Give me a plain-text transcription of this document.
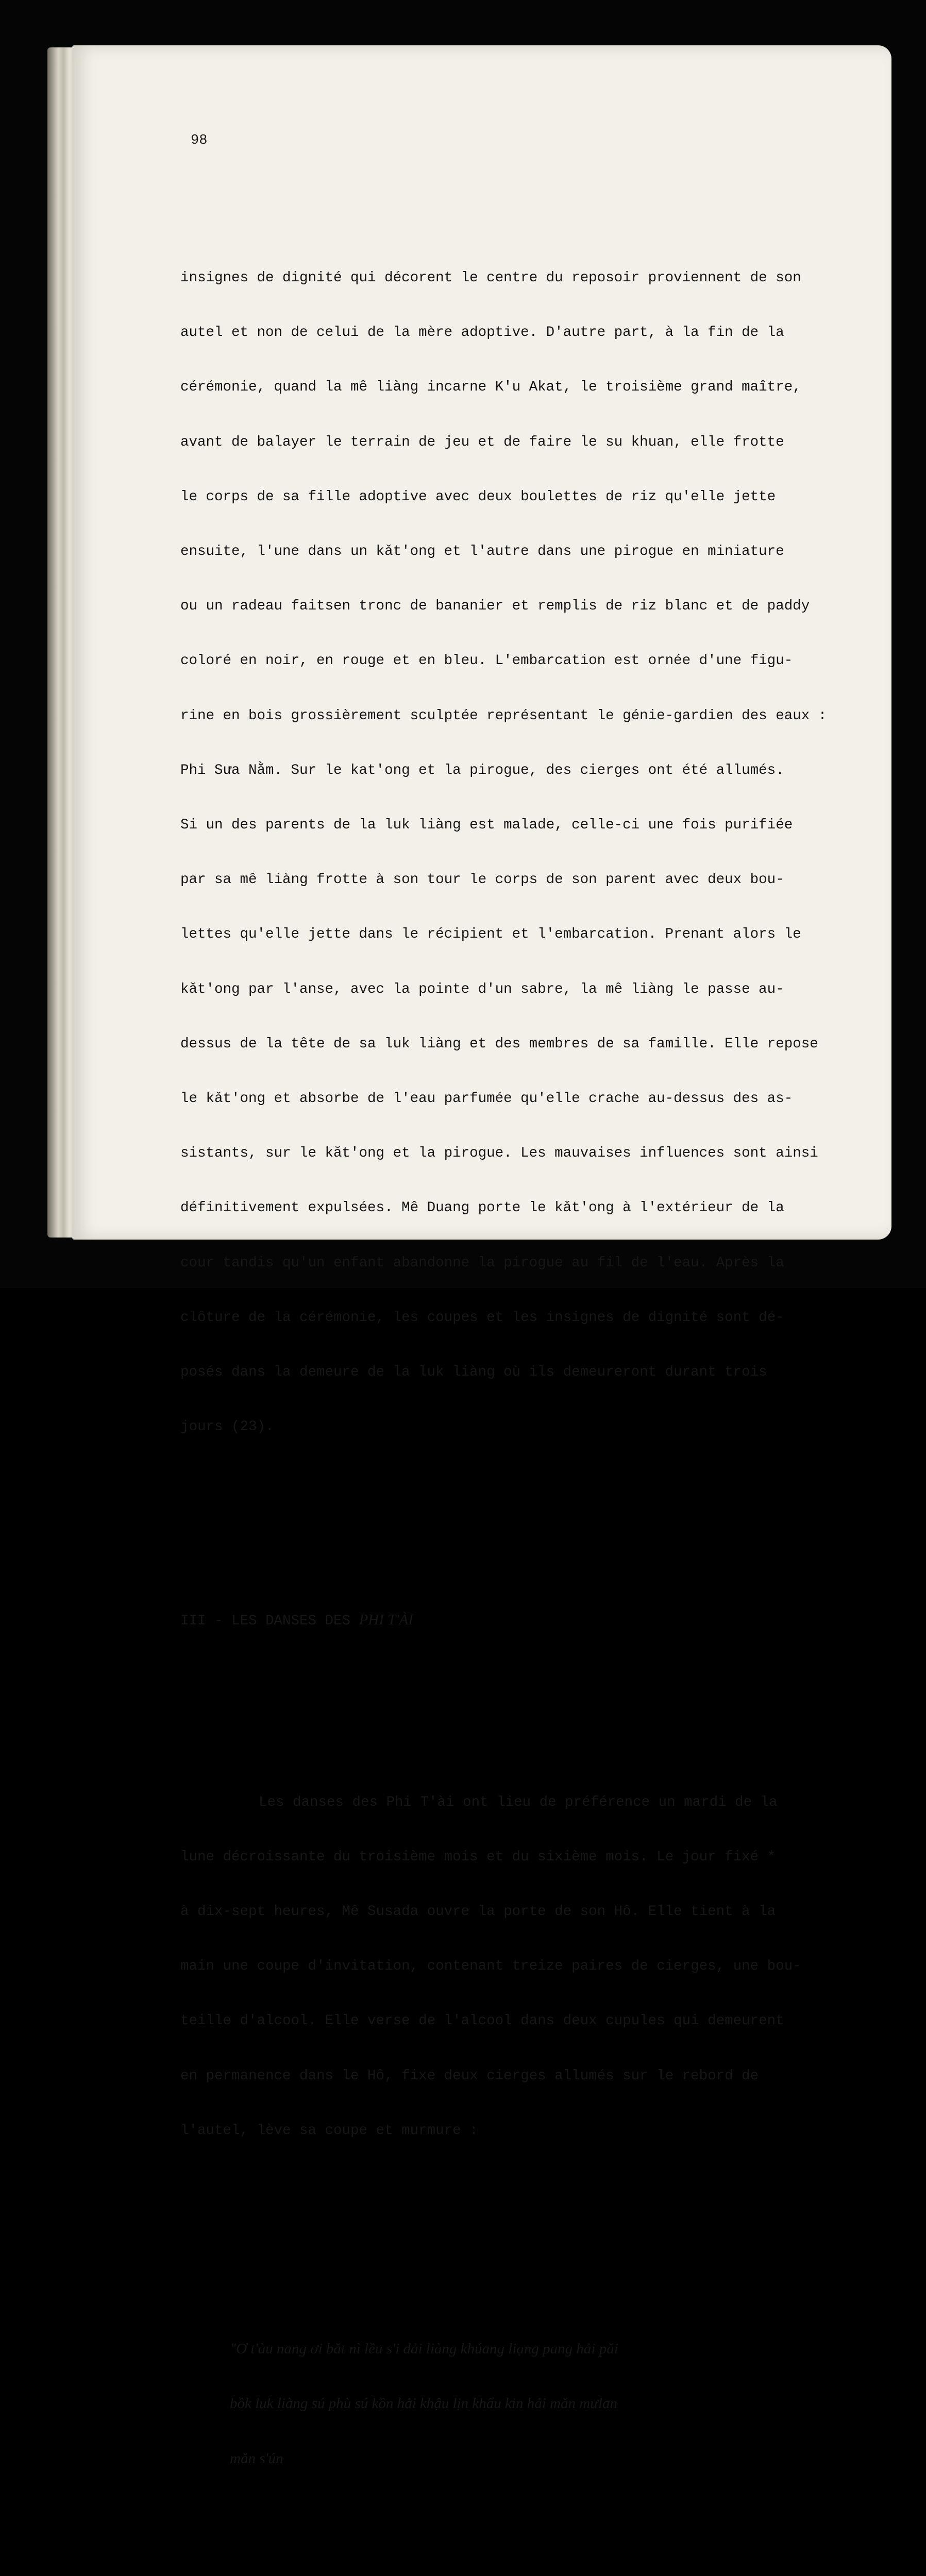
98

insignes de dignité qui décorent le centre du reposoir proviennent de son

autel et non de celui de la mère adoptive. D'autre part, à la fin de la

cérémonie, quand la mê liàng incarne K'u Akat, le troisième grand maître,

avant de balayer le terrain de jeu et de faire le su khuan, elle frotte

le corps de sa fille adoptive avec deux boulettes de riz qu'elle jette

ensuite, l'une dans un kǎt'ong et l'autre dans une pirogue en miniature

ou un radeau faitsen tronc de bananier et remplis de riz blanc et de paddy

coloré en noir, en rouge et en bleu. L'embarcation est ornée d'une figu-

rine en bois grossièrement sculptée représentant le génie-gardien des eaux :

Phi Sưa Nằm. Sur le kat'ong et la pirogue, des cierges ont été allumés.

Si un des parents de la luk liàng est malade, celle-ci une fois purifiée

par sa mê liàng frotte à son tour le corps de son parent avec deux bou-

lettes qu'elle jette dans le récipient et l'embarcation. Prenant alors le

kǎt'ong par l'anse, avec la pointe d'un sabre, la mê liàng le passe au-

dessus de la tête de sa luk liàng et des membres de sa famille. Elle repose

le kǎt'ong et absorbe de l'eau parfumée qu'elle crache au-dessus des as-

sistants, sur le kǎt'ong et la pirogue. Les mauvaises influences sont ainsi

définitivement expulsées. Mê Duang porte le kǎt'ong à l'extérieur de la

cour tandis qu'un enfant abandonne la pirogue au fil de l'eau. Après la

clôture de la cérémonie, les coupes et les insignes de dignité sont dé-

posés dans la demeure de la luk liàng où ils demeureront durant trois

jours (23).

III - LES DANSES DES PHI T'ÀI

Les danses des Phi T'ài ont lieu de préférence un mardi de la

lune décroissante du troisième mois et du sixième mois. Le jour fixé *

à dix-sept heures, Mê Susada ouvre la porte de son Hô. Elle tient à la

main une coupe d'invitation, contenant treize paires de cierges, une bou-

teille d'alcool. Elle verse de l'alcool dans deux cupules qui demeurent

en permanence dans le Hô, fixe deux cierges allumés sur le rebord de

l'autel, lève sa coupe et murmure :

"Ơ t'àu nang ơi bǎt nì lều s'i dải liàng khúang liạng pang hải pǎi

bồk luk liàng sú phù sú kồn hải khậu lịn khẩu kin hải mǎn mưlan

mǎn s'ún
